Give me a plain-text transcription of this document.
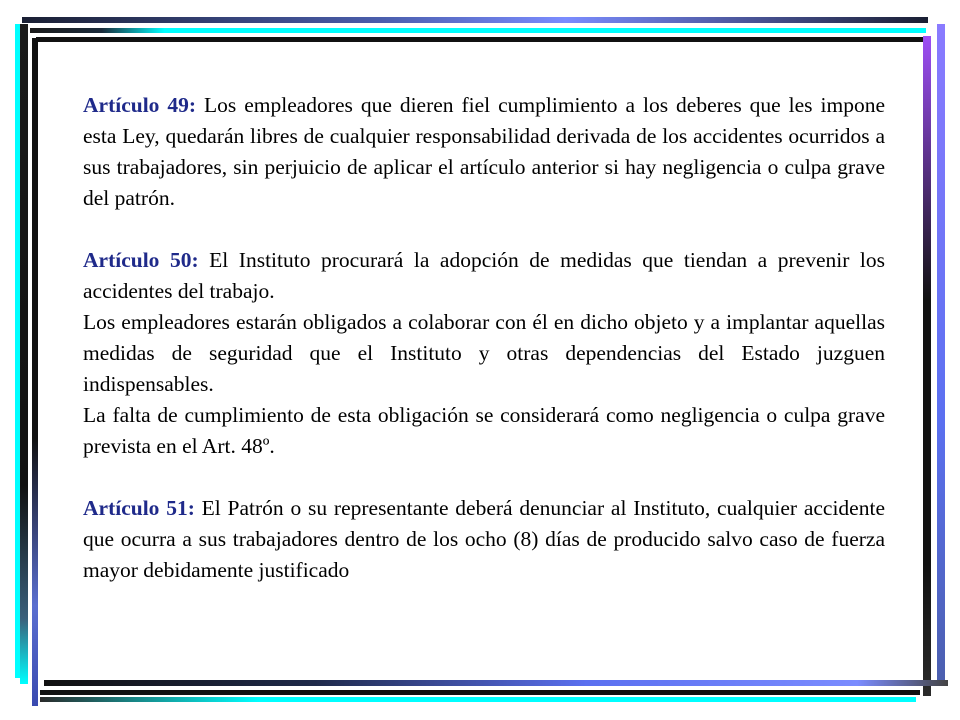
Artículo 49: Los empleadores que dieren fiel cumplimiento a los deberes que les impone esta Ley, quedarán libres de cualquier responsabilidad derivada de los accidentes ocurridos a sus trabajadores, sin perjuicio de aplicar el artículo anterior si hay negligencia o culpa grave del patrón.

Artículo 50: El Instituto procurará la adopción de medidas que tiendan a prevenir los accidentes del trabajo.

Los empleadores estarán obligados a colaborar con él en dicho objeto y a implantar aquellas medidas de seguridad que el Instituto y otras dependencias del Estado juzguen indispensables.

La falta de cumplimiento de esta obligación se considerará como negligencia o culpa grave prevista en el Art. 48º.

Artículo 51: El Patrón o su representante deberá denunciar al Instituto, cualquier accidente que ocurra a sus trabajadores dentro de los ocho (8) días de producido salvo caso de fuerza mayor debidamente justificado
